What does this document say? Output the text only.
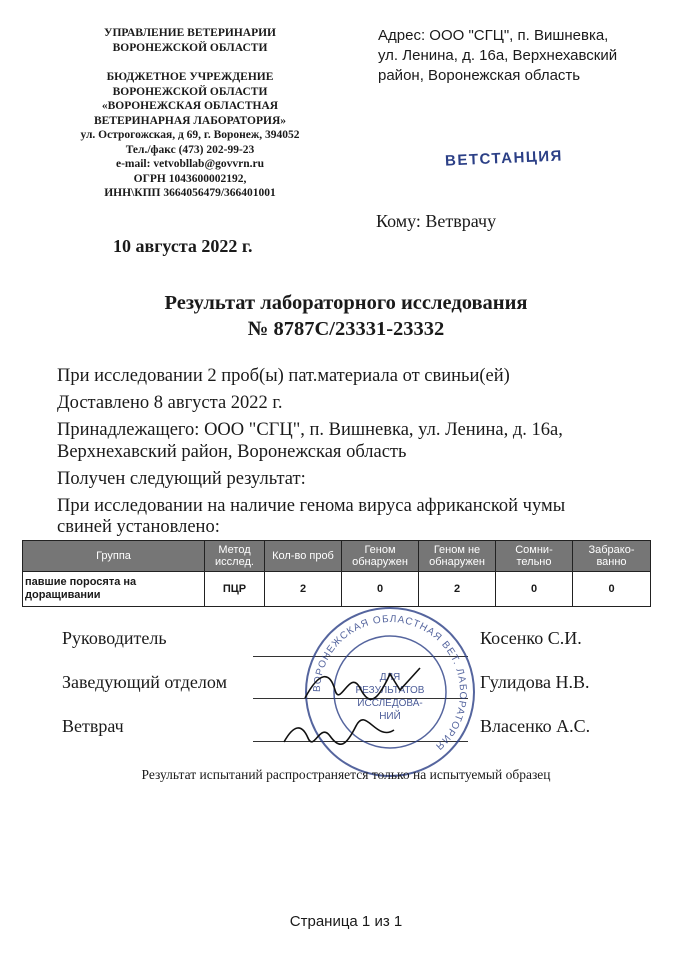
УПРАВЛЕНИЕ ВЕТЕРИНАРИИ
ВОРОНЕЖСКОЙ ОБЛАСТИ
БЮДЖЕТНОЕ УЧРЕЖДЕНИЕ
ВОРОНЕЖСКОЙ ОБЛАСТИ
«ВОРОНЕЖСКАЯ ОБЛАСТНАЯ
ВЕТЕРИНАРНАЯ ЛАБОРАТОРИЯ»
ул. Острогожская, д 69, г. Воронеж, 394052
Тел./факс (473) 202-99-23
e-mail: vetvobllab@govvrn.ru
ОГРН 1043600002192,
ИНН\КПП 3664056479/366401001
Адрес: ООО "СГЦ", п. Вишневка,
ул. Ленина, д. 16а, Верхнехавский
район, Воронежская область
ВЕТСТАНЦИЯ
Кому: Ветврачу
10 августа 2022 г.
Результат лабораторного исследования
№ 8787С/23331-23332
При исследовании 2 проб(ы) пат.материала от свиньи(ей)
Доставлено 8 августа 2022 г.
Принадлежащего: ООО "СГЦ", п. Вишневка, ул. Ленина, д. 16а,
Верхнехавский район, Воронежская область
Получен следующий результат:
При исследовании на наличие генома вируса африканской чумы
свиней установлено:
Группа	Метод исслед.	Кол-во проб	Геном обнаружен	Геном не обнаружен	Сомни-тельно	Забрако-ванно
павшие поросята на доращивании	ПЦР	2	0	2	0	0
ВОРОНЕЖСКАЯ ОБЛАСТНАЯ ВЕТ. ЛАБОРАТОРИЯ
ДЛЯ
РЕЗУЛЬТАТОВ
ИССЛЕДОВА-
НИЙ
Руководитель	Косенко С.И.
Заведующий отделом	Гулидова Н.В.
Ветврач	Власенко А.С.
Результат испытаний распространяется только на испытуемый образец
Страница 1 из 1
